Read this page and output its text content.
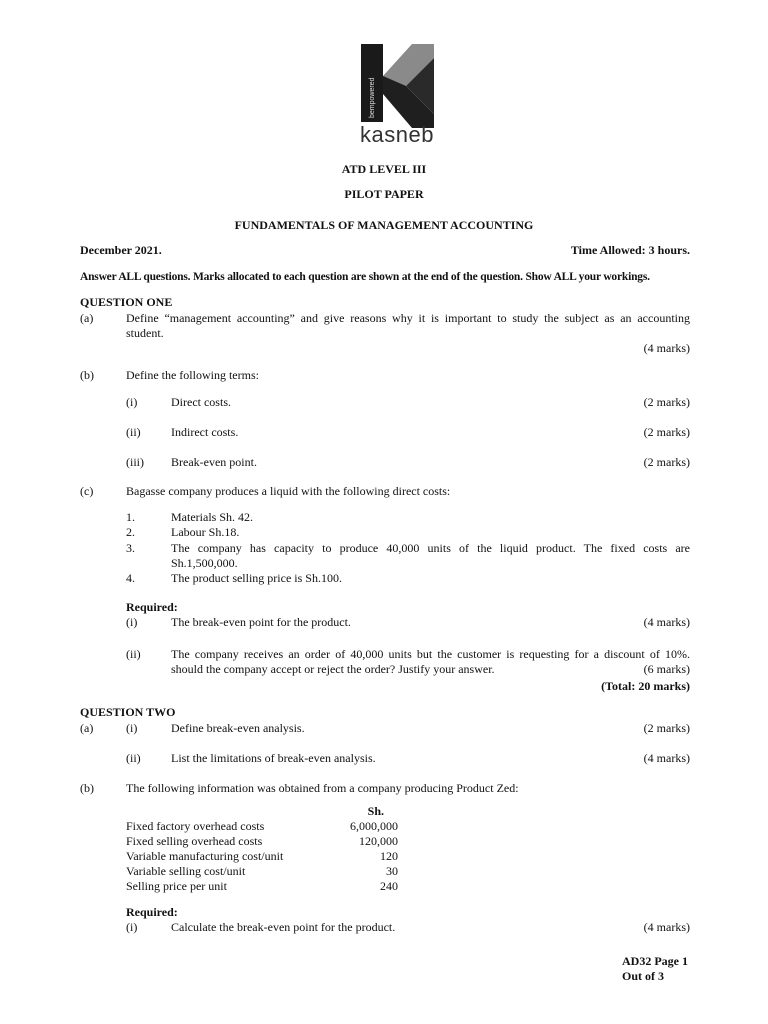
bempowered
kasneb
ATD LEVEL III
PILOT PAPER
FUNDAMENTALS OF MANAGEMENT ACCOUNTING
December 2021.	Time Allowed: 3 hours.
Answer ALL questions. Marks allocated to each question are shown at the end of the question. Show ALL your workings.
QUESTION ONE
(a)	Define “management accounting” and give reasons why it is important to study the subject as an accounting
student.
(4 marks)
(b)	Define the following terms:
(i)	Direct costs.	(2 marks)
(ii)	Indirect costs.	(2 marks)
(iii) Break-even point.	(2 marks)
(c)	Bagasse company produces a liquid with the following direct costs:
1.	Materials Sh. 42.
2.	Labour Sh.18.
3.	The company has capacity to produce 40,000 units of the liquid product. The fixed costs are
Sh.1,500,000.
4.	The product selling price is Sh.100.
Required:
(i)	The break-even point for the product.	(4 marks)
(ii)	The company receives an order of 40,000 units but the customer is requesting for a discount of 10%.
should the company accept or reject the order? Justify your answer.	(6 marks)
(Total: 20 marks)
QUESTION TWO
(a)	(i)	Define break-even analysis.	(2 marks)
(ii)	List the limitations of break-even analysis.	(4 marks)
(b)	The following information was obtained from a company producing Product Zed:
	Sh.
Fixed factory overhead costs	6,000,000
Fixed selling overhead costs	120,000
Variable manufacturing cost/unit	120
Variable selling cost/unit	30
Selling price per unit	240
Required:
(i)	Calculate the break-even point for the product.	(4 marks)
AD32 Page 1
Out of 3
